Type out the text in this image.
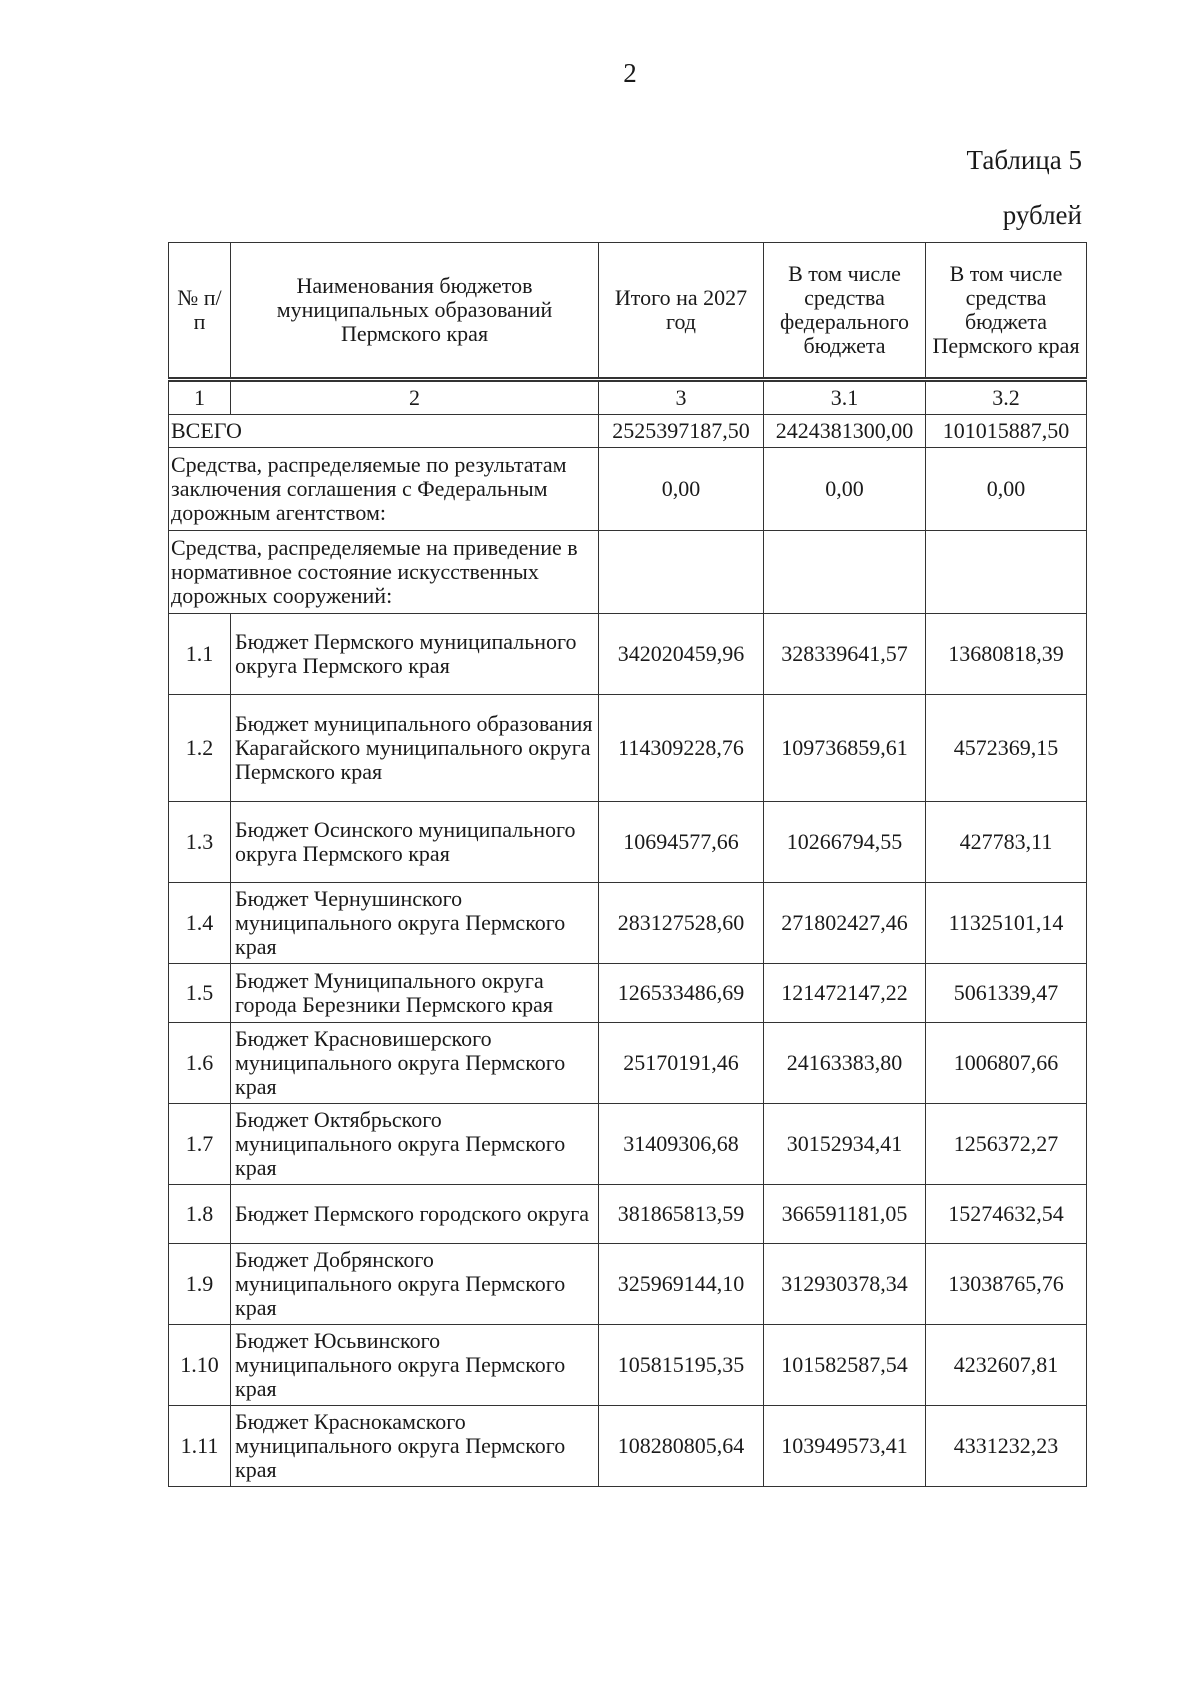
2
Таблица 5
рублей
№ п/п	Наименования бюджетов муниципальных образований Пермского края	Итого на 2027 год	В том числе средства федерального бюджета	В том числе средства бюджета Пермского края
1	2	3	3.1	3.2
ВСЕГО		2525397187,50	2424381300,00	101015887,50
Средства, распределяемые по результатам заключения соглашения с Федеральным дорожным агентством:		0,00	0,00	0,00
Средства, распределяемые на приведение в нормативное состояние искусственных дорожных сооружений:				
1.1	Бюджет Пермского муниципального округа Пермского края	342020459,96	328339641,57	13680818,39
1.2	Бюджет муниципального образования Карагайского муниципального округа Пермского края	114309228,76	109736859,61	4572369,15
1.3	Бюджет Осинского муниципального округа Пермского края	10694577,66	10266794,55	427783,11
1.4	Бюджет Чернушинского муниципального округа Пермского края	283127528,60	271802427,46	11325101,14
1.5	Бюджет Муниципального округа города Березники Пермского края	126533486,69	121472147,22	5061339,47
1.6	Бюджет Красновишерского муниципального округа Пермского края	25170191,46	24163383,80	1006807,66
1.7	Бюджет Октябрьского муниципального округа Пермского края	31409306,68	30152934,41	1256372,27
1.8	Бюджет Пермского городского округа	381865813,59	366591181,05	15274632,54
1.9	Бюджет Добрянского муниципального округа Пермского края	325969144,10	312930378,34	13038765,76
1.10	Бюджет Юсьвинского муниципального округа Пермского края	105815195,35	101582587,54	4232607,81
1.11	Бюджет Краснокамского муниципального округа Пермского края	108280805,64	103949573,41	4331232,23
